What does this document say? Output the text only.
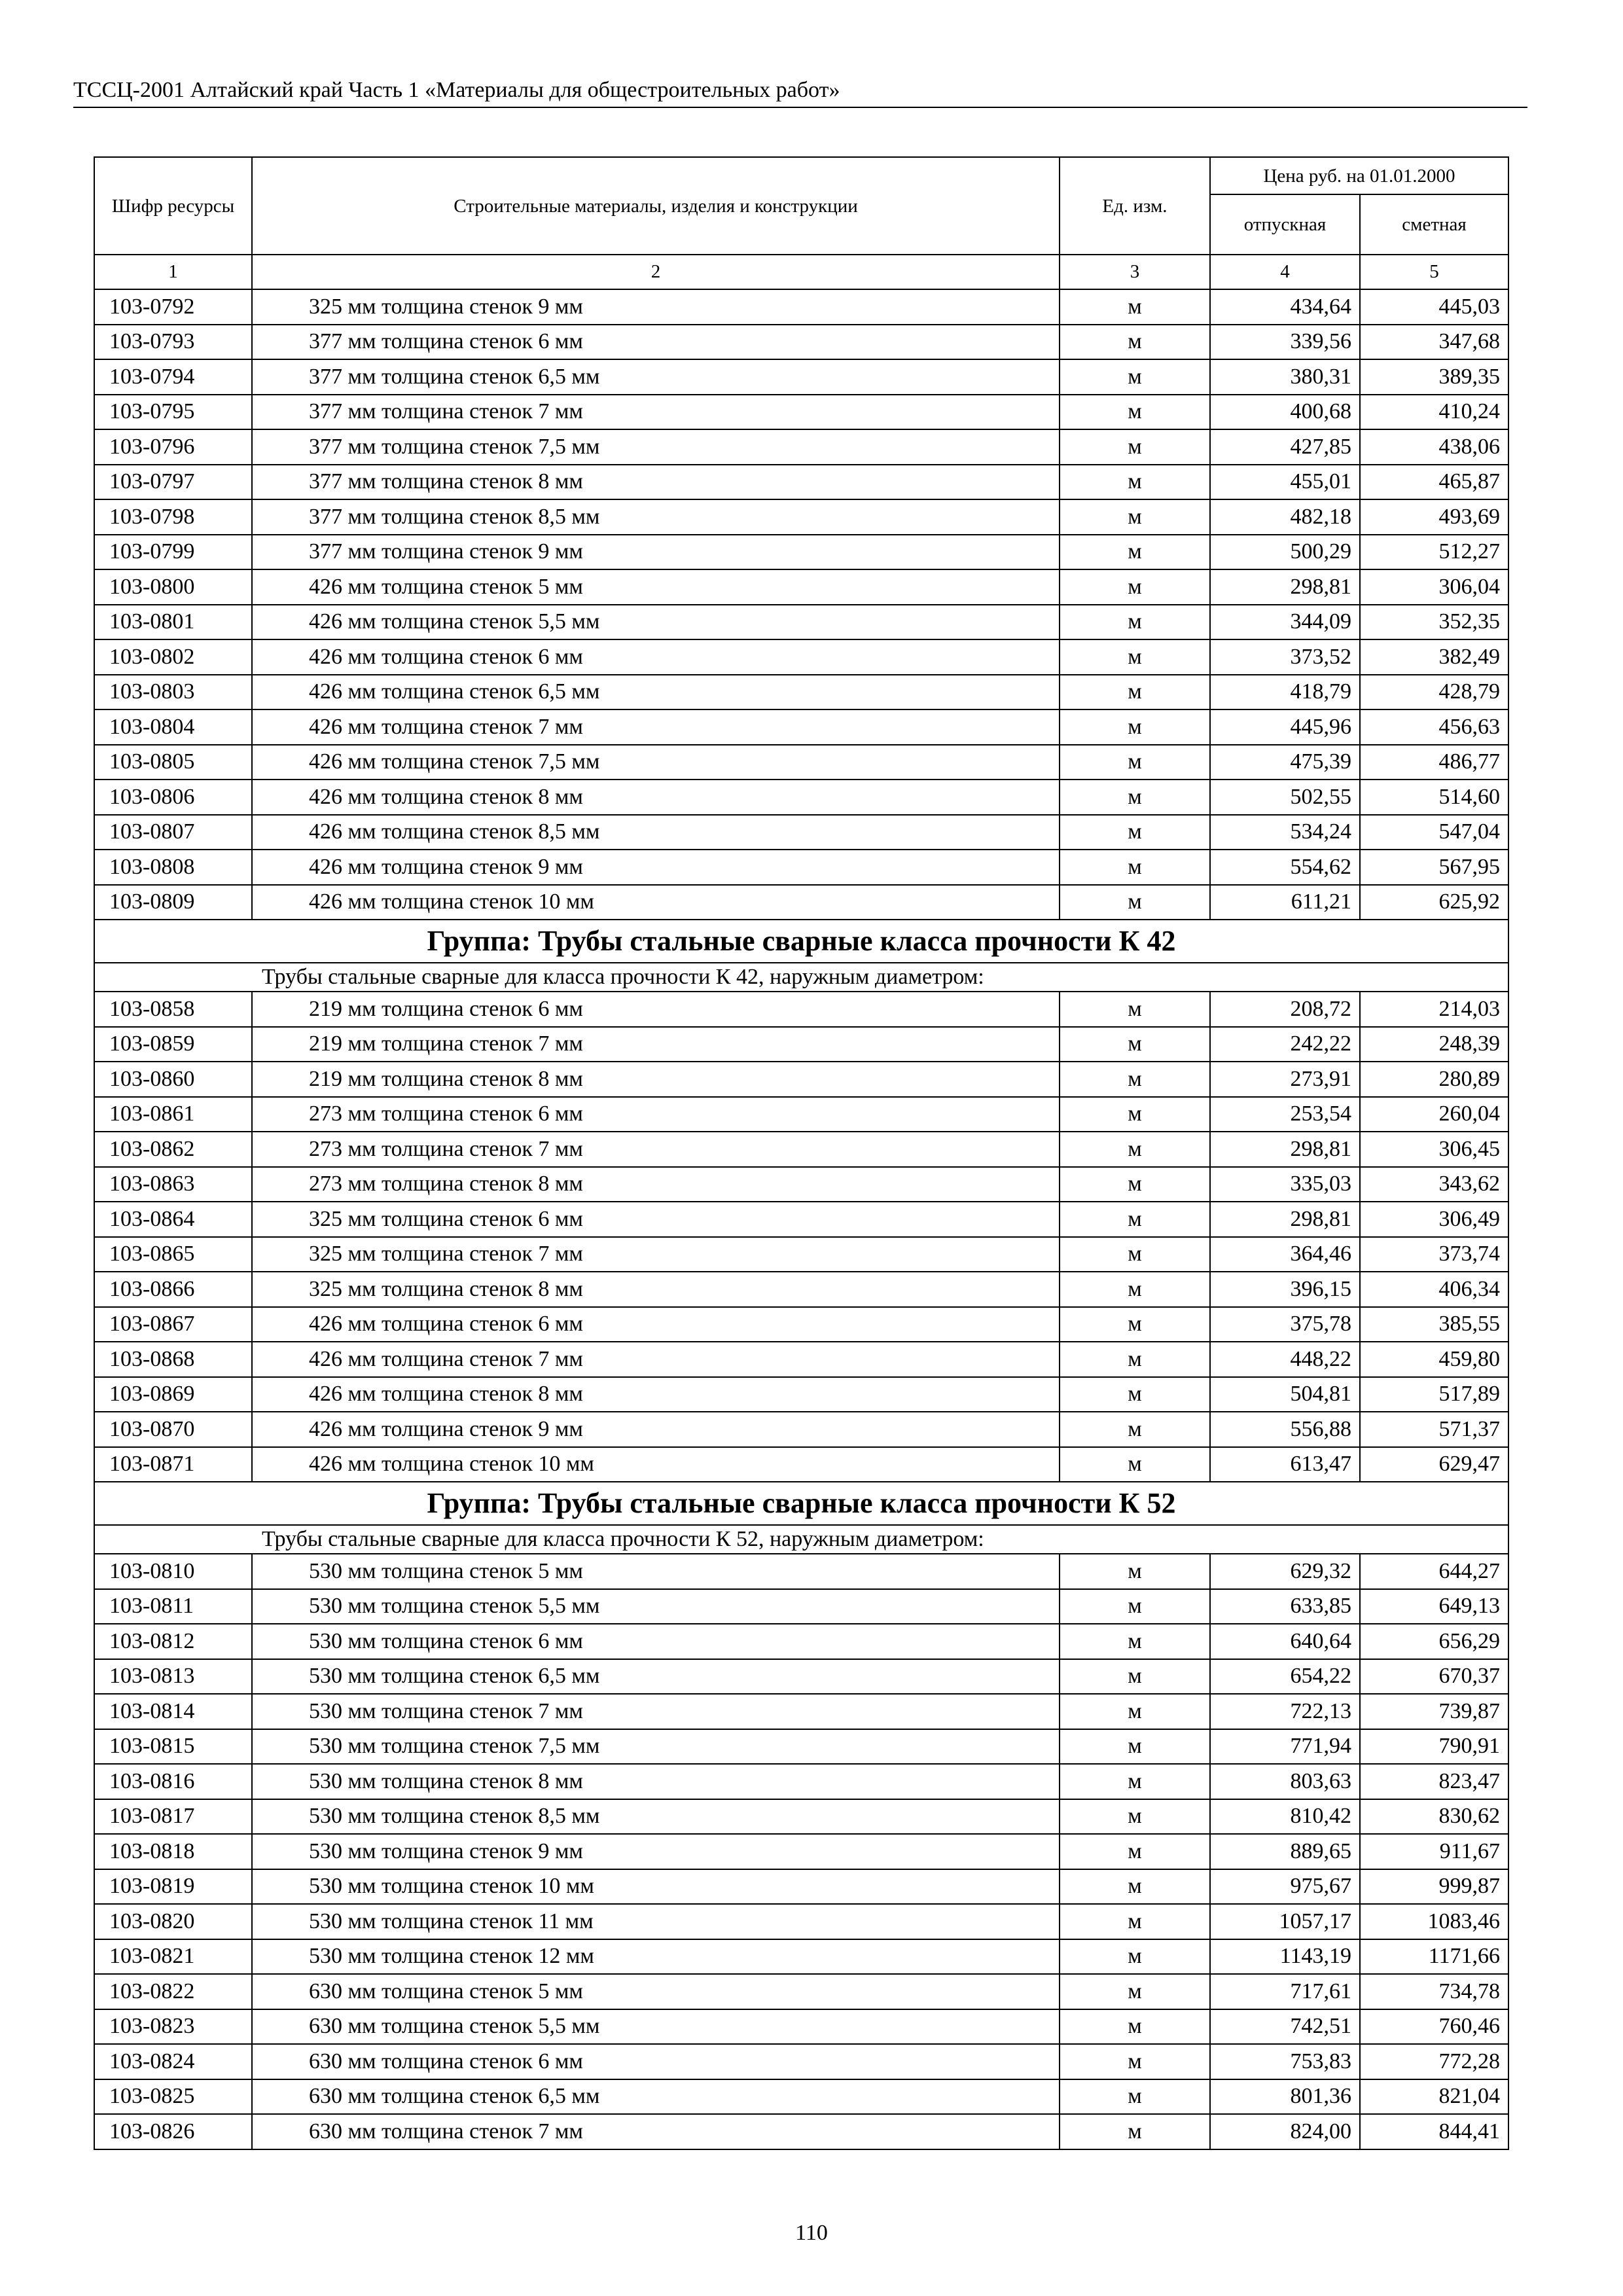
ТССЦ-2001 Алтайский край Часть 1 «Материалы для общестроительных работ»
Шифр ресурсы	Строительные материалы, изделия и конструкции	Ед. изм.	Цена руб. на 01.01.2000	
			отпускная	сметная
1	2	3	4	5
103-0792	325 мм толщина стенок 9 мм	м	434,64	445,03
103-0793	377 мм толщина стенок 6 мм	м	339,56	347,68
103-0794	377 мм толщина стенок 6,5 мм	м	380,31	389,35
103-0795	377 мм толщина стенок 7 мм	м	400,68	410,24
103-0796	377 мм толщина стенок 7,5 мм	м	427,85	438,06
103-0797	377 мм толщина стенок 8 мм	м	455,01	465,87
103-0798	377 мм толщина стенок 8,5 мм	м	482,18	493,69
103-0799	377 мм толщина стенок 9 мм	м	500,29	512,27
103-0800	426 мм толщина стенок 5 мм	м	298,81	306,04
103-0801	426 мм толщина стенок 5,5 мм	м	344,09	352,35
103-0802	426 мм толщина стенок 6 мм	м	373,52	382,49
103-0803	426 мм толщина стенок 6,5 мм	м	418,79	428,79
103-0804	426 мм толщина стенок 7 мм	м	445,96	456,63
103-0805	426 мм толщина стенок 7,5 мм	м	475,39	486,77
103-0806	426 мм толщина стенок 8 мм	м	502,55	514,60
103-0807	426 мм толщина стенок 8,5 мм	м	534,24	547,04
103-0808	426 мм толщина стенок 9 мм	м	554,62	567,95
103-0809	426 мм толщина стенок 10 мм	м	611,21	625,92
Группа: Трубы стальные сварные класса прочности К 42				
Трубы стальные сварные для класса прочности К 42, наружным диаметром:				
103-0858	219 мм толщина стенок 6 мм	м	208,72	214,03
103-0859	219 мм толщина стенок 7 мм	м	242,22	248,39
103-0860	219 мм толщина стенок 8 мм	м	273,91	280,89
103-0861	273 мм толщина стенок 6 мм	м	253,54	260,04
103-0862	273 мм толщина стенок 7 мм	м	298,81	306,45
103-0863	273 мм толщина стенок 8 мм	м	335,03	343,62
103-0864	325 мм толщина стенок 6 мм	м	298,81	306,49
103-0865	325 мм толщина стенок 7 мм	м	364,46	373,74
103-0866	325 мм толщина стенок 8 мм	м	396,15	406,34
103-0867	426 мм толщина стенок 6 мм	м	375,78	385,55
103-0868	426 мм толщина стенок 7 мм	м	448,22	459,80
103-0869	426 мм толщина стенок 8 мм	м	504,81	517,89
103-0870	426 мм толщина стенок 9 мм	м	556,88	571,37
103-0871	426 мм толщина стенок 10 мм	м	613,47	629,47
Группа: Трубы стальные сварные класса прочности К 52				
Трубы стальные сварные для класса прочности К 52, наружным диаметром:				
103-0810	530 мм толщина стенок 5 мм	м	629,32	644,27
103-0811	530 мм толщина стенок 5,5 мм	м	633,85	649,13
103-0812	530 мм толщина стенок 6 мм	м	640,64	656,29
103-0813	530 мм толщина стенок 6,5 мм	м	654,22	670,37
103-0814	530 мм толщина стенок 7 мм	м	722,13	739,87
103-0815	530 мм толщина стенок 7,5 мм	м	771,94	790,91
103-0816	530 мм толщина стенок 8 мм	м	803,63	823,47
103-0817	530 мм толщина стенок 8,5 мм	м	810,42	830,62
103-0818	530 мм толщина стенок 9 мм	м	889,65	911,67
103-0819	530 мм толщина стенок 10 мм	м	975,67	999,87
103-0820	530 мм толщина стенок 11 мм	м	1057,17	1083,46
103-0821	530 мм толщина стенок 12 мм	м	1143,19	1171,66
103-0822	630 мм толщина стенок 5 мм	м	717,61	734,78
103-0823	630 мм толщина стенок 5,5 мм	м	742,51	760,46
103-0824	630 мм толщина стенок 6 мм	м	753,83	772,28
103-0825	630 мм толщина стенок 6,5 мм	м	801,36	821,04
103-0826	630 мм толщина стенок 7 мм	м	824,00	844,41
110
